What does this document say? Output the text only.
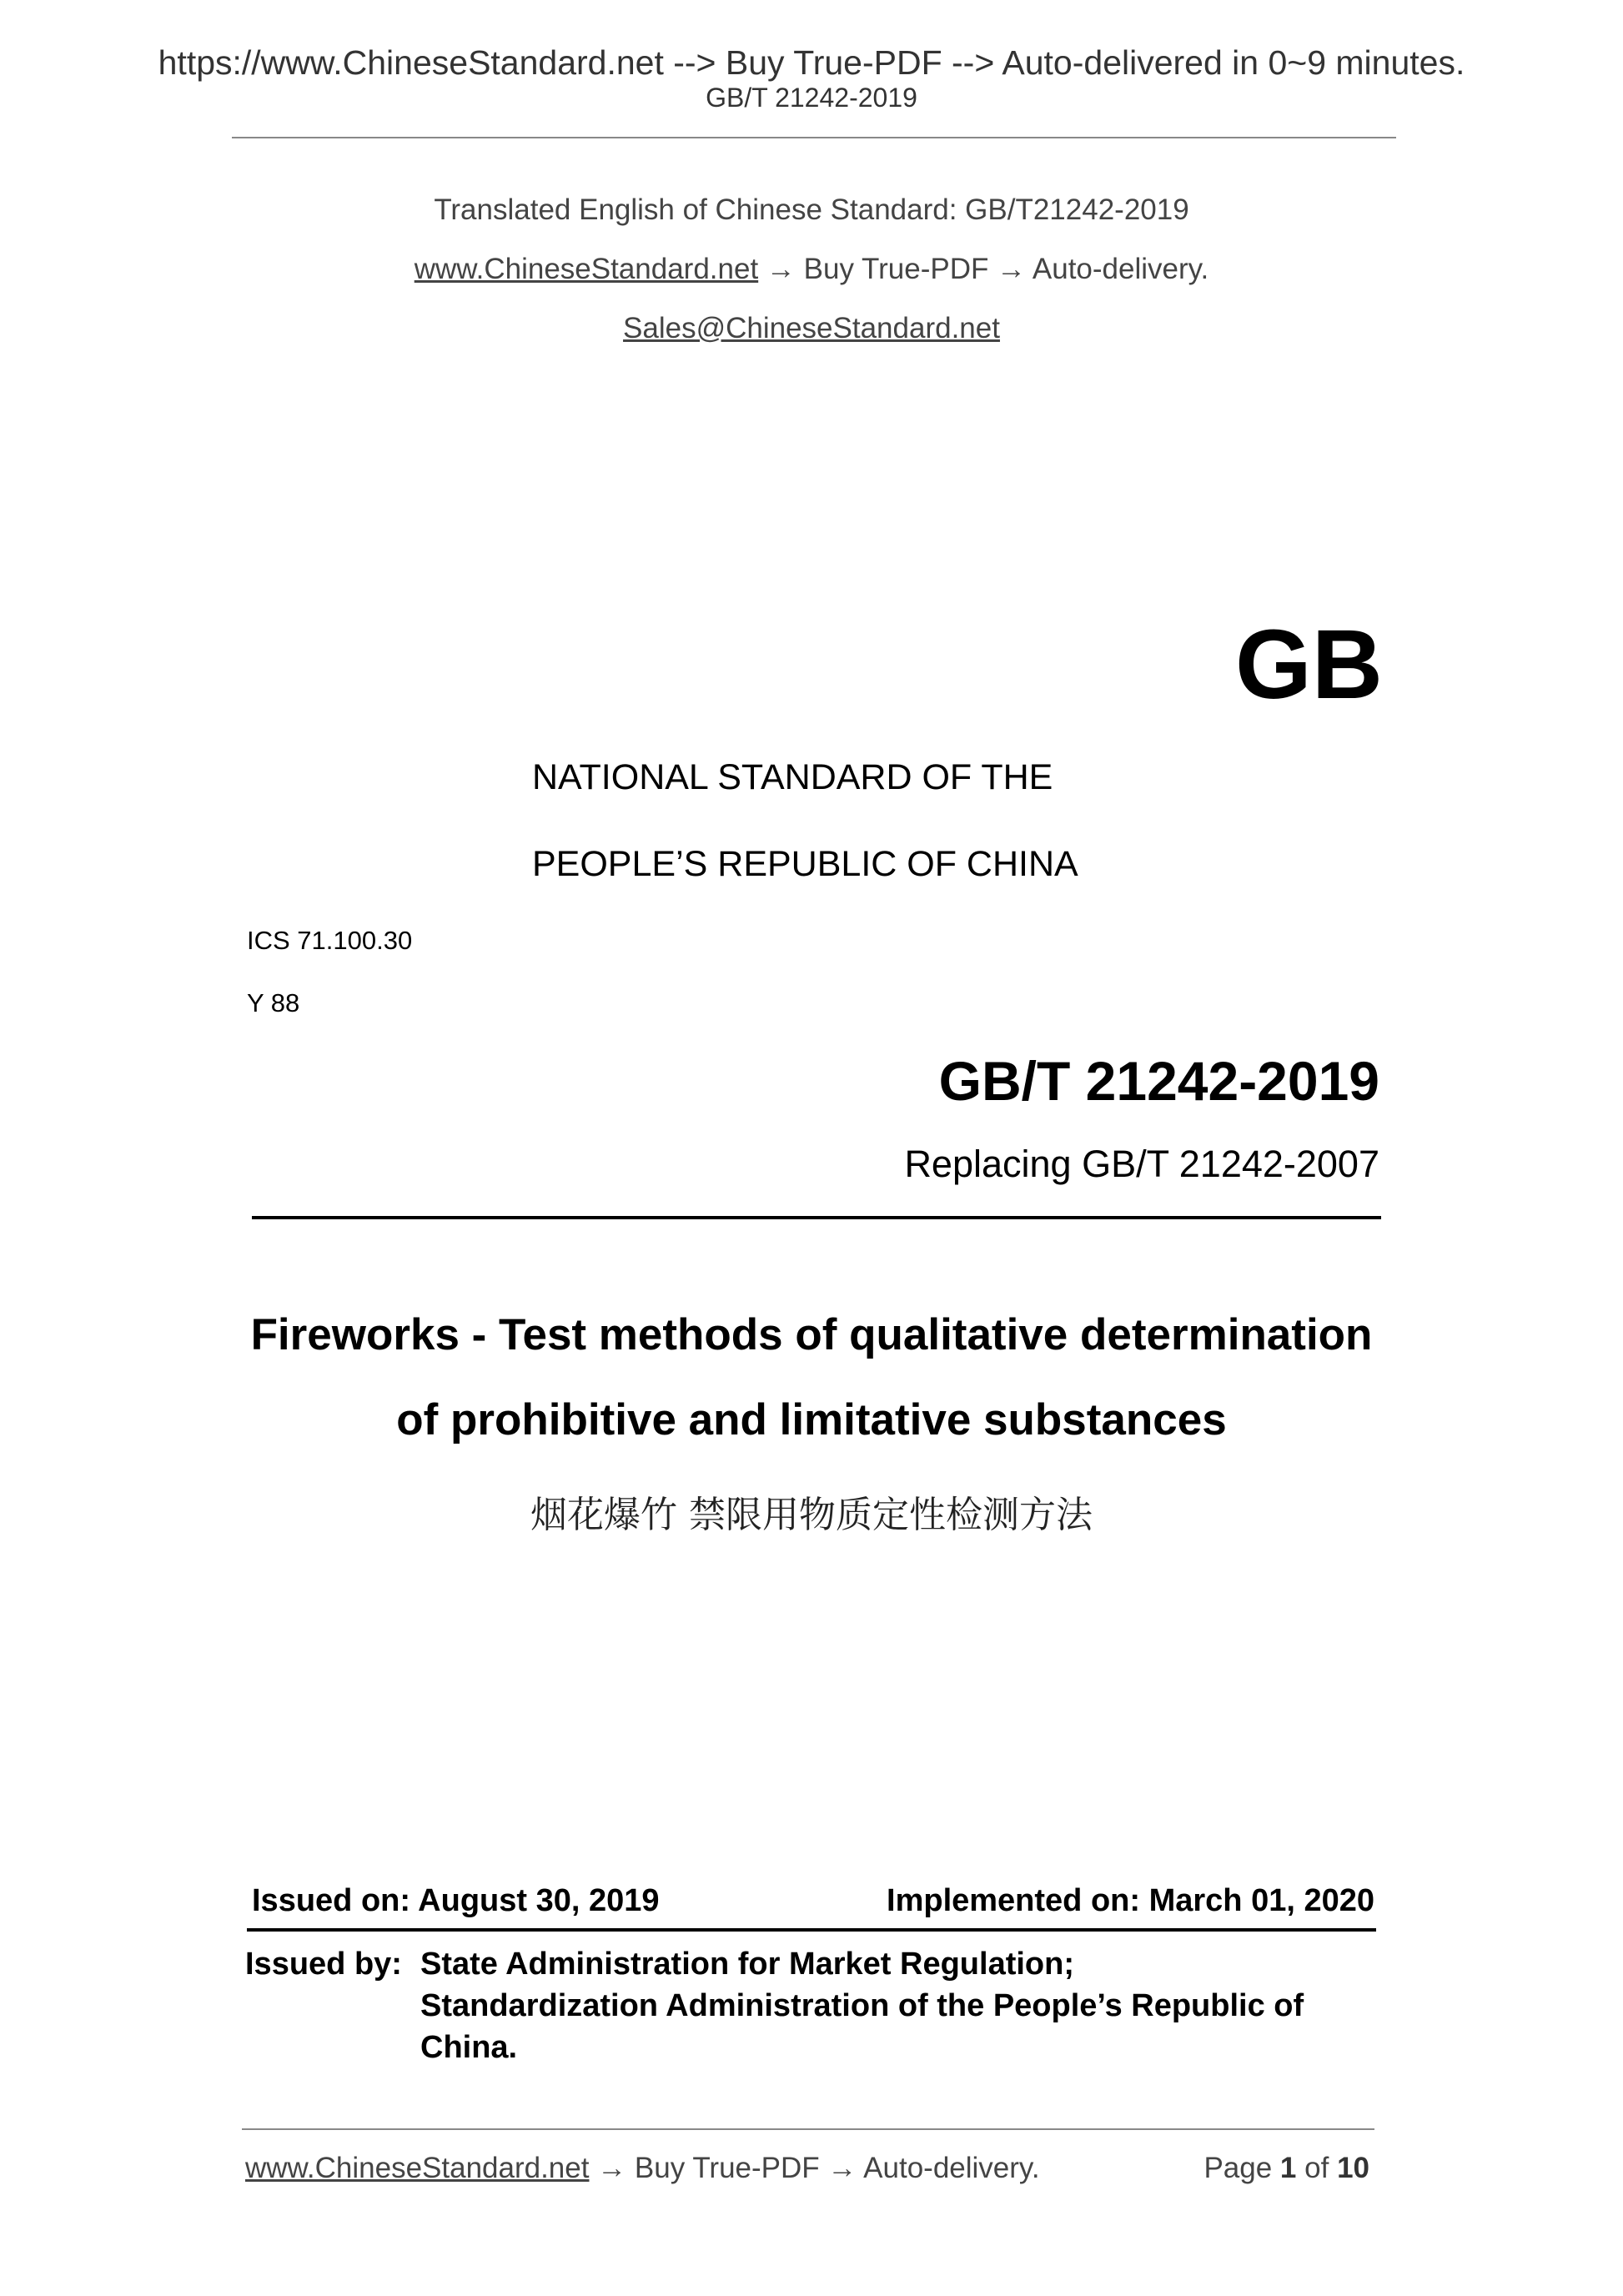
https://www.ChineseStandard.net --> Buy True-PDF --> Auto-delivered in 0~9 minutes.
GB/T 21242-2019
Translated English of Chinese Standard: GB/T21242-2019
www.ChineseStandard.net → Buy True-PDF → Auto-delivery.
Sales@ChineseStandard.net
GB
NATIONAL STANDARD OF THE
PEOPLE’S REPUBLIC OF CHINA
ICS 71.100.30
Y 88
GB/T 21242-2019
Replacing GB/T 21242-2007
Fireworks - Test methods of qualitative determination
of prohibitive and limitative substances
烟花爆竹 禁限用物质定性检测方法
Issued on: August 30, 2019	Implemented on: March 01, 2020
Issued by: State Administration for Market Regulation;
Standardization Administration of the People’s Republic of
China.
www.ChineseStandard.net → Buy True-PDF → Auto-delivery.	Page 1 of 10
